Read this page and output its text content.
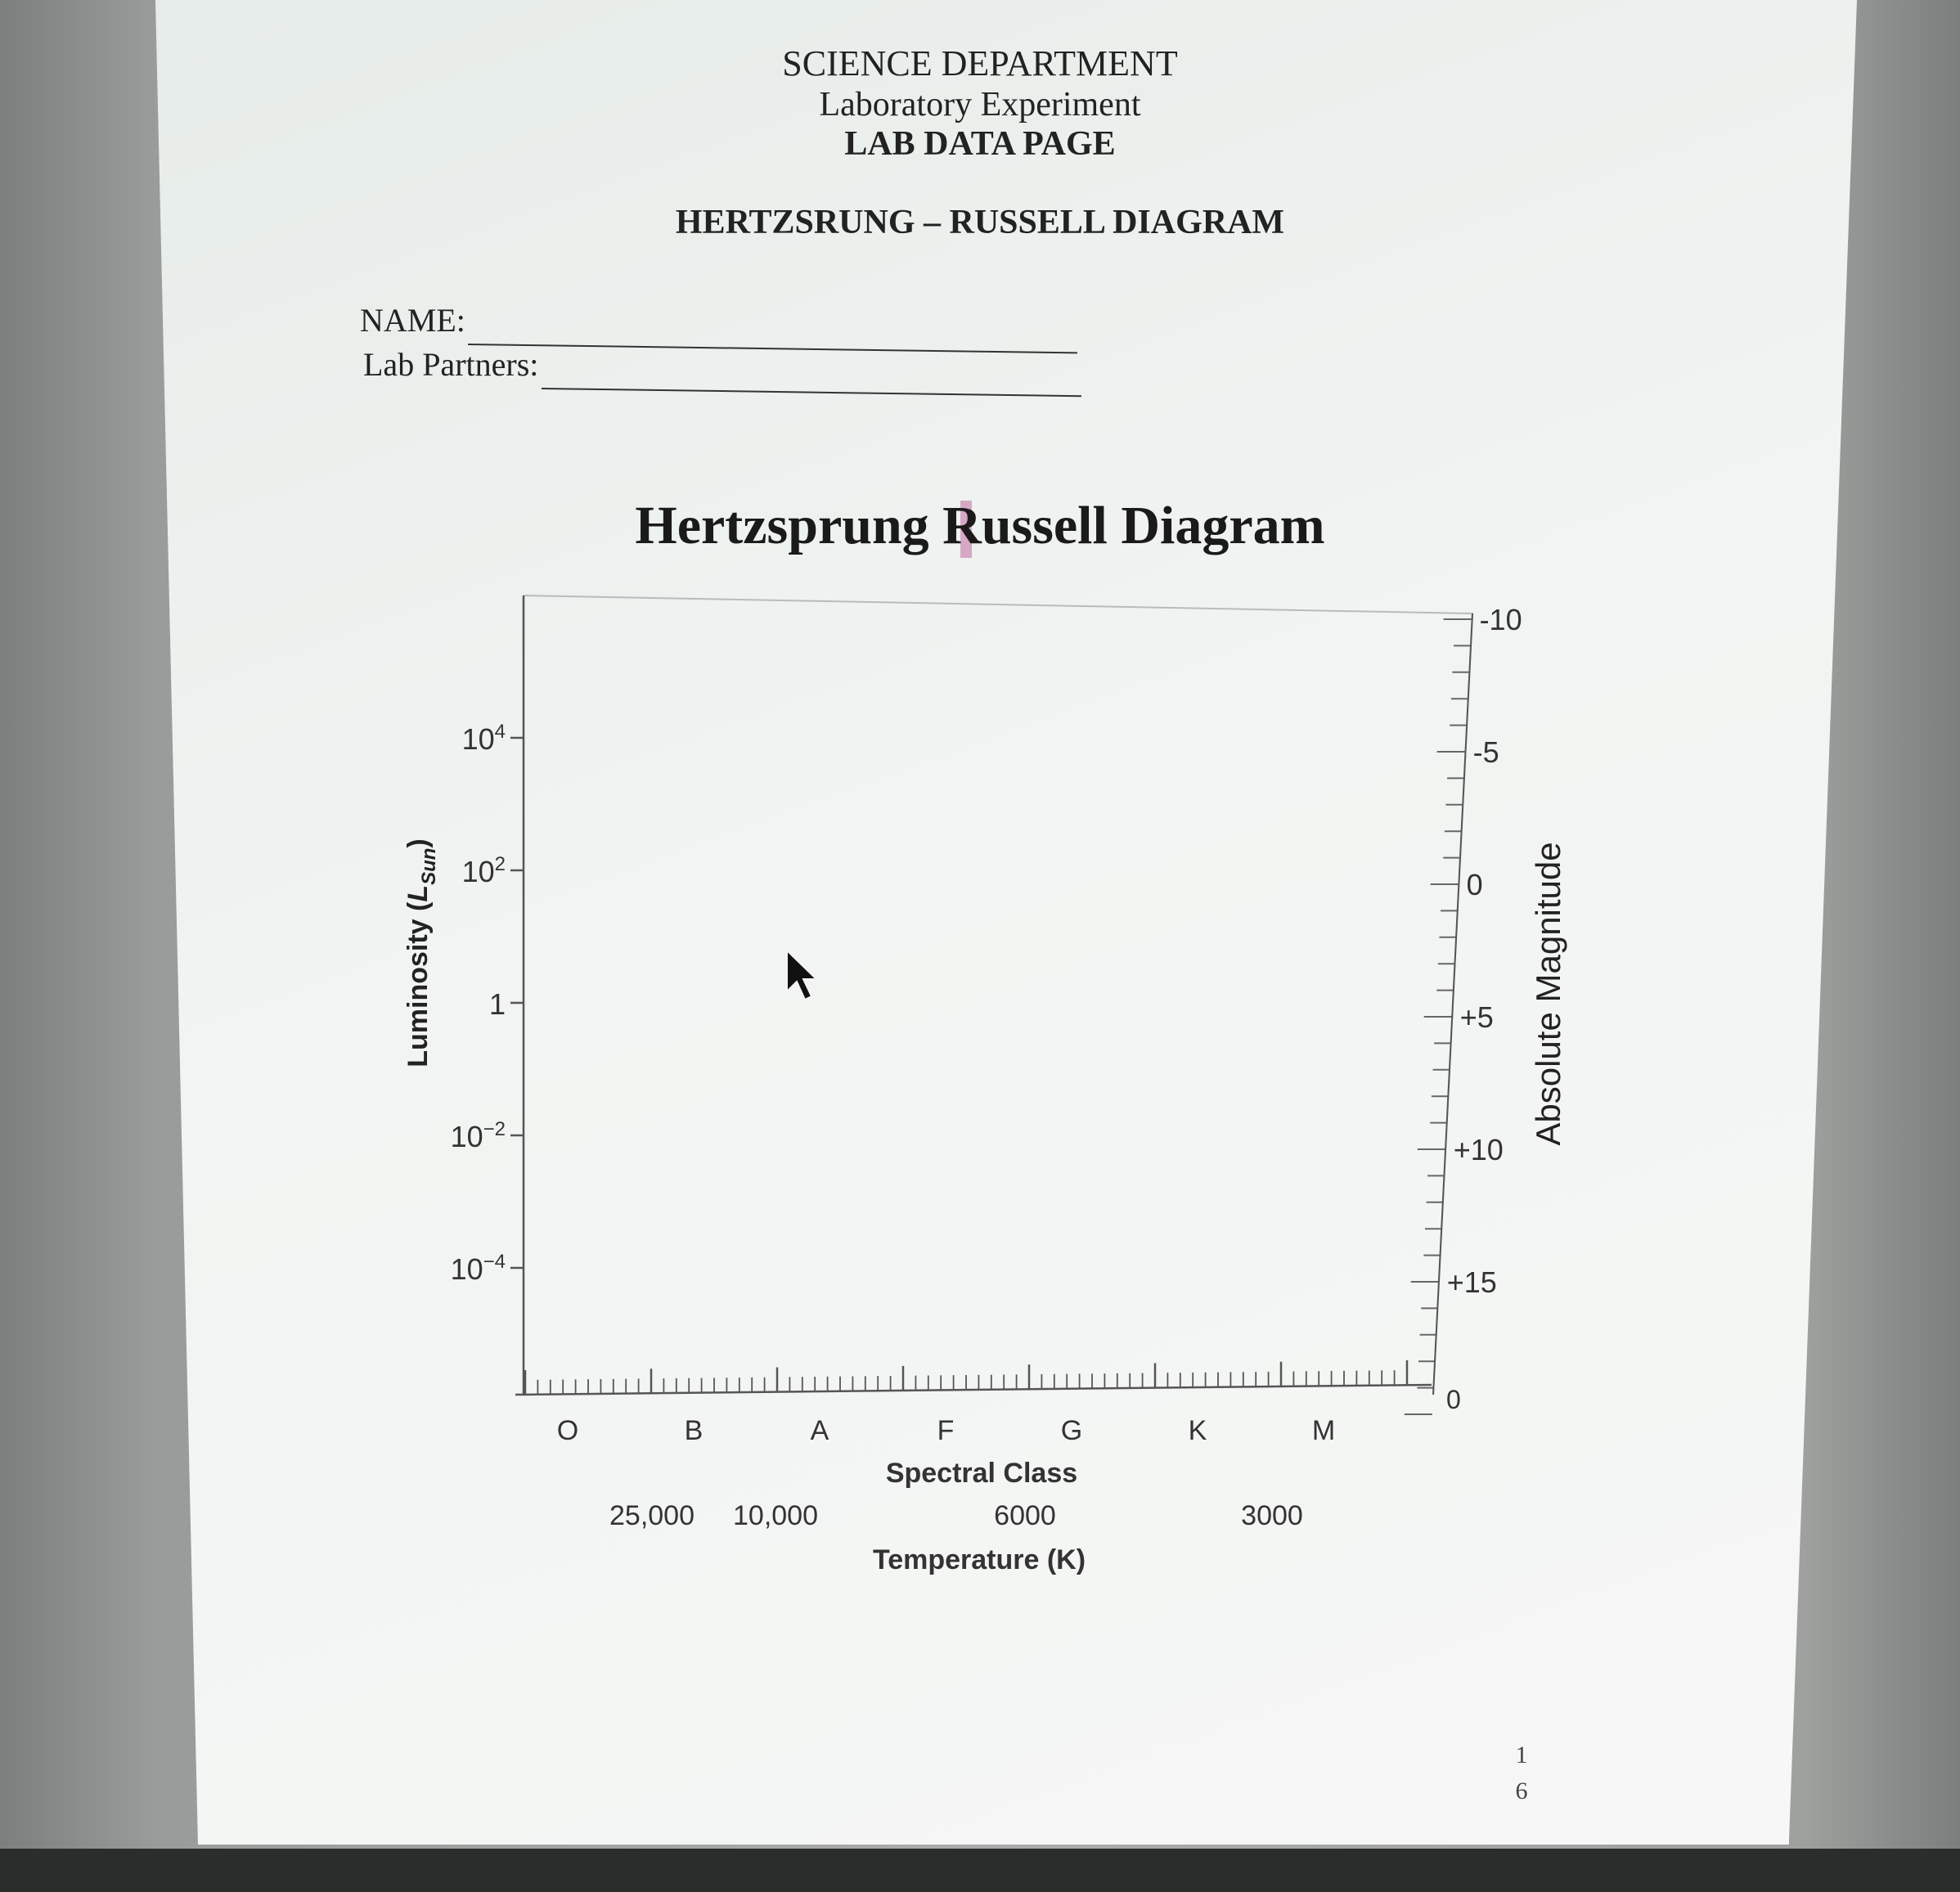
SCIENCE DEPARTMENT
Laboratory Experiment
LAB DATA PAGE
HERTZSRUNG – RUSSELL DIAGRAM
NAME:
Lab Partners:
Hertzsprung Russell Diagram
$10^4$
$10^2$
1
$10^{-2}$
$10^{-4}$
-10
-5
0
+5
+10
+15
0
O	B	A	F	G	K	M
Spectral Class
25,000 10,000	6000	3000
Temperature (K)
Luminosity $(L_{Sun})$	Absolute Magnitude
1
6
